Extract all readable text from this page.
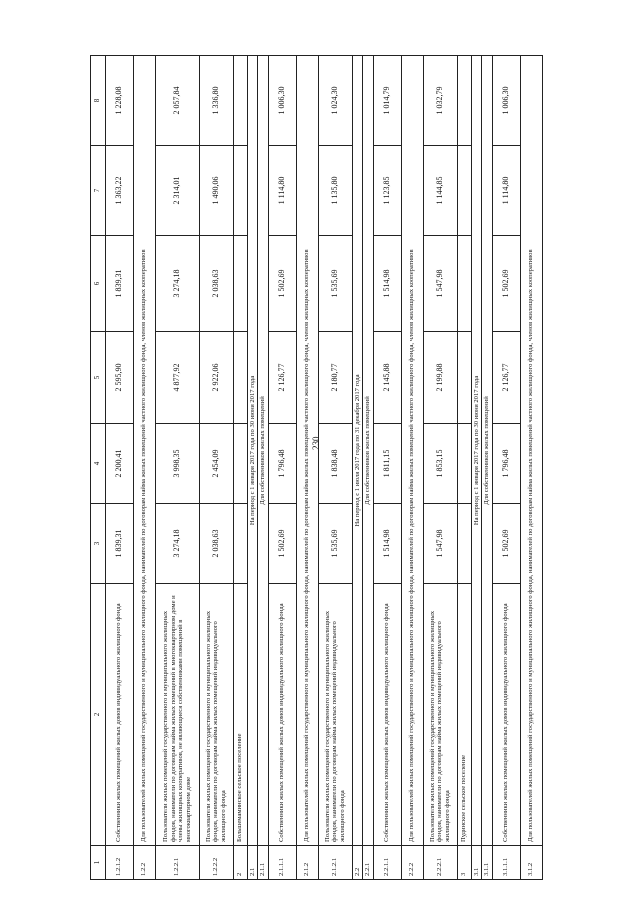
230
1	2	3	4	5	6	7	8
1.2.1.2	Собственники жилых помещений жилых домов индивидуального жилищного фонда	1 839,31	2 200,41	2 595,90	1 839,31	1 363,22	1 228,08
1.2.2	Для пользователей жилых помещений государственного и муниципального жилищного фонда, нанимателей по договорам найма жилых помещений частного жилищного фонда, членов жилищных кооперативов						
1.2.2.1	Пользователи жилых помещений государственного и муниципального жилищных фондов, наниматели по договорам найма жилых помещений в многоквартирном доме и члены жилищных кооперативов, не являющиеся собственниками помещений в многоквартирном доме	3 274,18	3 998,35	4 877,92	3 274,18	2 314,01	2 057,84
1.2.2.2	Пользователи жилых помещений государственного и муниципального жилищных фондов, наниматели по договорам найма жилых помещений индивидуального жилищного фонда	2 038,63	2 454,09	2 922,06	2 038,63	1 490,06	1 336,80
2	Большемаминское сельское поселение						
2.1	На период с 1 января 2017 года по 30 июня 2017 года						
2.1.1	Для собственников жилых помещений						
2.1.1.1	Собственники жилых помещений жилых домов индивидуального жилищного фонда	1 502,69	1 796,48	2 126,77	1 502,69	1 114,80	1 006,30
2.1.2	Для пользователей жилых помещений государственного и муниципального жилищного фонда, нанимателей по договорам найма жилых помещений частного жилищного фонда, членов жилищных кооперативов						
2.1.2.1	Пользователи жилых помещений государственного и муниципального жилищных фондов, наниматели по договорам найма жилых помещений индивидуального жилищного фонда	1 535,69	1 838,48	2 180,77	1 535,69	1 135,80	1 024,30
2.2	На период с 1 июля 2017 года по 31 декабря 2017 года						
2.2.1	Для собственников жилых помещений						
2.2.1.1	Собственники жилых помещений жилых домов индивидуального жилищного фонда	1 514,98	1 811,15	2 145,88	1 514,98	1 123,85	1 014,79
2.2.2	Для пользователей жилых помещений государственного и муниципального жилищного фонда, нанимателей по договорам найма жилых помещений частного жилищного фонда, членов жилищных кооперативов						
2.2.2.1	Пользователи жилых помещений государственного и муниципального жилищных фондов, наниматели по договорам найма жилых помещений индивидуального жилищного фонда	1 547,98	1 853,15	2 199,88	1 547,98	1 144,85	1 032,79
3	Пудинское сельское поселение						
3.1	На период с 1 января 2017 года по 30 июня 2017 года						
3.1.1	Для собственников жилых помещений						
3.1.1.1	Собственники жилых помещений жилых домов индивидуального жилищного фонда	1 502,69	1 796,48	2 126,77	1 502,69	1 114,80	1 006,30
3.1.2	Для пользователей жилых помещений государственного и муниципального жилищного фонда, нанимателей по договорам найма жилых помещений частного жилищного фонда, членов жилищных кооперативов						
